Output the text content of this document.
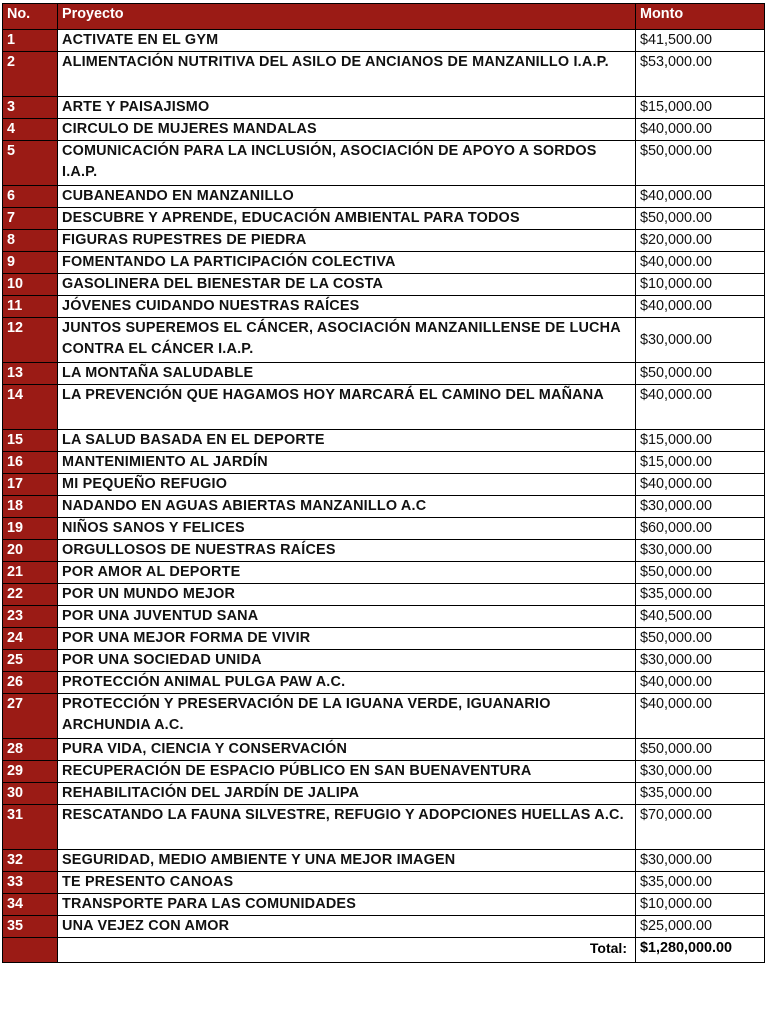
No.	Proyecto	Monto
1	ACTIVATE EN EL GYM	$41,500.00
2	ALIMENTACIÓN NUTRITIVA DEL ASILO DE ANCIANOS DE MANZANILLO I.A.P.	$53,000.00
3	ARTE Y PAISAJISMO	$15,000.00
4	CIRCULO DE MUJERES MANDALAS	$40,000.00
5	COMUNICACIÓN PARA LA INCLUSIÓN, ASOCIACIÓN DE APOYO A SORDOS I.A.P.	$50,000.00
6	CUBANEANDO EN MANZANILLO	$40,000.00
7	DESCUBRE Y APRENDE, EDUCACIÓN AMBIENTAL PARA TODOS	$50,000.00
8	FIGURAS RUPESTRES DE PIEDRA	$20,000.00
9	FOMENTANDO LA PARTICIPACIÓN COLECTIVA	$40,000.00
10	GASOLINERA DEL BIENESTAR DE LA COSTA	$10,000.00
11	JÓVENES CUIDANDO NUESTRAS RAÍCES	$40,000.00
12	JUNTOS SUPEREMOS EL CÁNCER, ASOCIACIÓN MANZANILLENSE DE LUCHA CONTRA EL CÁNCER I.A.P.	$30,000.00
13	LA MONTAÑA SALUDABLE	$50,000.00
14	LA PREVENCIÓN QUE HAGAMOS HOY MARCARÁ EL CAMINO DEL MAÑANA	$40,000.00
15	LA SALUD BASADA EN EL DEPORTE	$15,000.00
16	MANTENIMIENTO AL JARDÍN	$15,000.00
17	MI PEQUEÑO REFUGIO	$40,000.00
18	NADANDO EN AGUAS ABIERTAS MANZANILLO A.C	$30,000.00
19	NIÑOS SANOS Y FELICES	$60,000.00
20	ORGULLOSOS DE NUESTRAS RAÍCES	$30,000.00
21	POR AMOR AL DEPORTE	$50,000.00
22	POR UN MUNDO MEJOR	$35,000.00
23	POR UNA JUVENTUD SANA	$40,500.00
24	POR UNA MEJOR FORMA DE VIVIR	$50,000.00
25	POR UNA SOCIEDAD UNIDA	$30,000.00
26	PROTECCIÓN ANIMAL PULGA PAW A.C.	$40,000.00
27	PROTECCIÓN Y PRESERVACIÓN DE LA IGUANA VERDE, IGUANARIO ARCHUNDIA A.C.	$40,000.00
28	PURA VIDA, CIENCIA Y CONSERVACIÓN	$50,000.00
29	RECUPERACIÓN DE ESPACIO PÚBLICO EN SAN BUENAVENTURA	$30,000.00
30	REHABILITACIÓN DEL JARDÍN DE JALIPA	$35,000.00
31	RESCATANDO LA FAUNA SILVESTRE, REFUGIO Y ADOPCIONES HUELLAS A.C.	$70,000.00
32	SEGURIDAD, MEDIO AMBIENTE Y UNA MEJOR IMAGEN	$30,000.00
33	TE PRESENTO CANOAS	$35,000.00
34	TRANSPORTE PARA LAS COMUNIDADES	$10,000.00
35	UNA VEJEZ CON AMOR	$25,000.00
	Total:	$1,280,000.00
